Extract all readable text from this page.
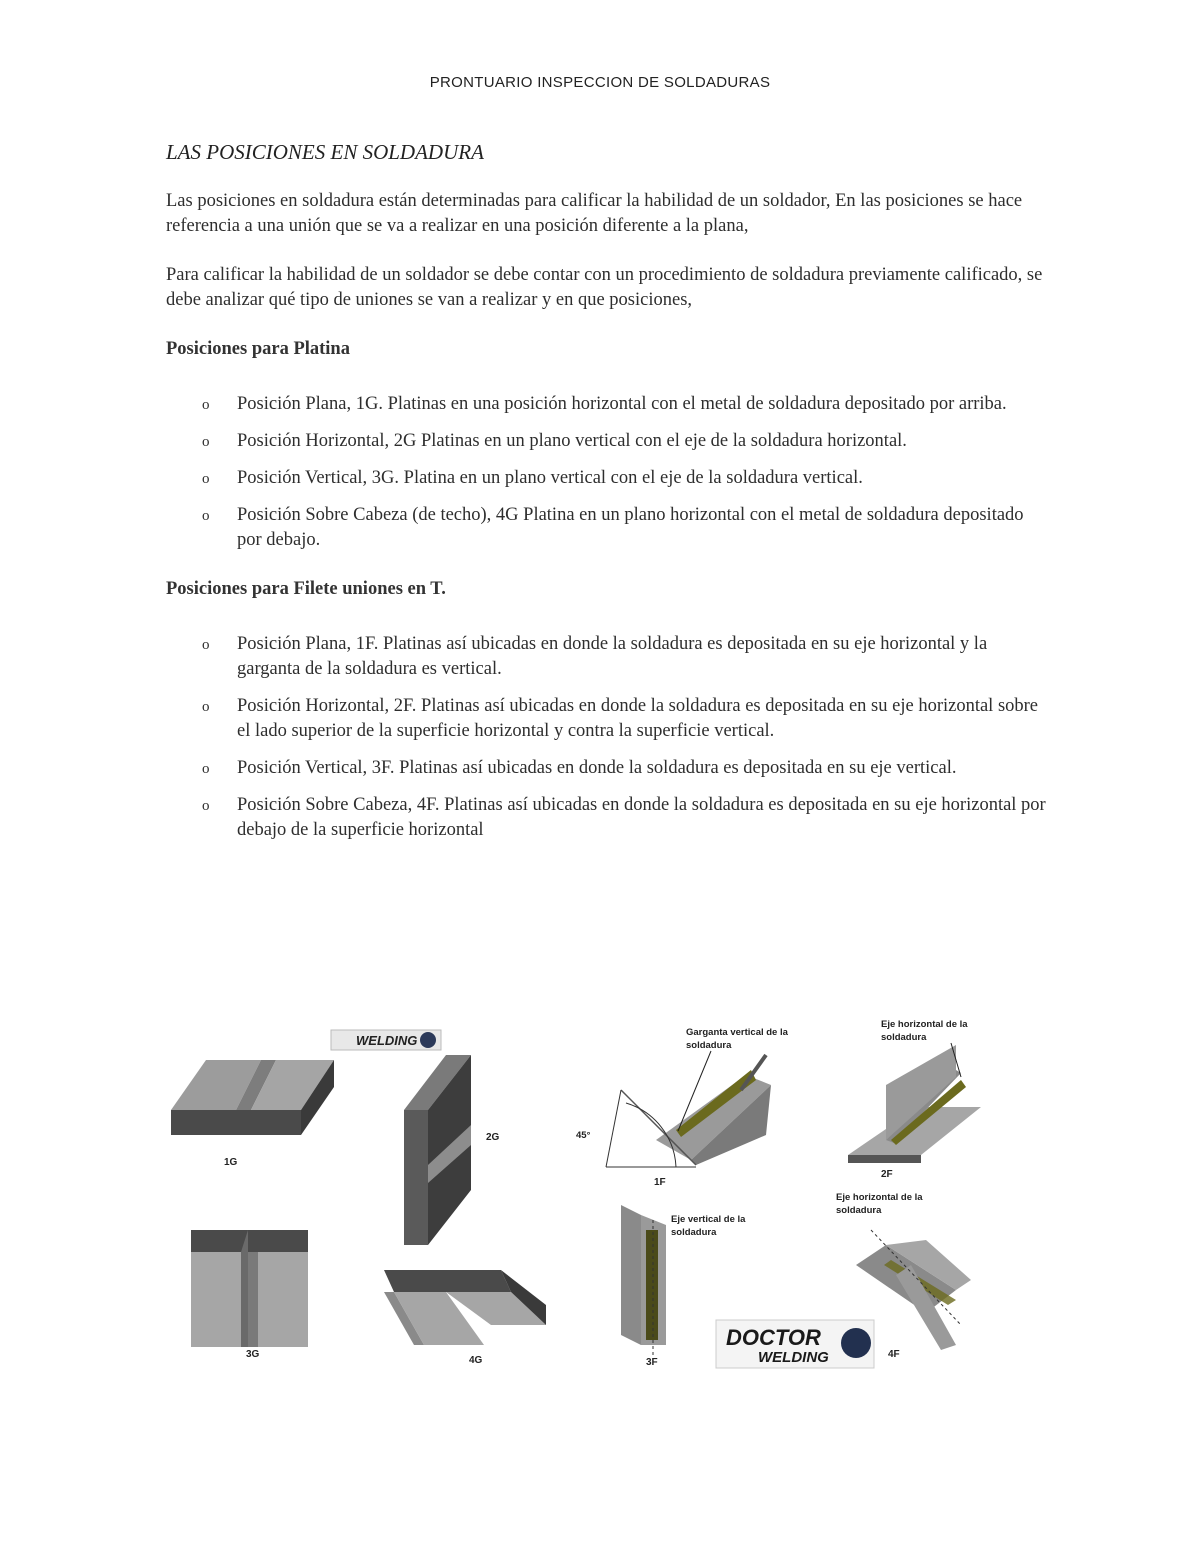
PRONTUARIO INSPECCION DE SOLDADURAS
LAS POSICIONES EN SOLDADURA

Las posiciones en soldadura están determinadas para calificar la habilidad de un soldador, En las posiciones se hace referencia a una unión que se va a realizar en una posición diferente a la plana,

Para calificar la habilidad de un soldador se debe contar con un procedimiento de soldadura previamente calificado, se debe analizar qué tipo de uniones se van a realizar y en que posiciones,

Posiciones para Platina
o Posición Plana, 1G. Platinas en una posición horizontal con el metal de soldadura depositado por arriba.
o Posición Horizontal, 2G Platinas en un plano vertical con el eje de la soldadura horizontal.
o Posición Vertical, 3G. Platina en un plano vertical con el eje de la soldadura vertical.
o Posición Sobre Cabeza (de techo), 4G Platina en un plano horizontal con el metal de soldadura depositado por debajo.
Posiciones para Filete uniones en T.
o Posición Plana, 1F. Platinas así ubicadas en donde la soldadura es depositada en su eje horizontal y la garganta de la soldadura es vertical.
o Posición Horizontal, 2F. Platinas así ubicadas en donde la soldadura es depositada en su eje horizontal sobre el lado superior de la superficie horizontal y contra la superficie vertical.
o Posición Vertical, 3F. Platinas así ubicadas en donde la soldadura es depositada en su eje vertical.
o Posición Sobre Cabeza, 4F. Platinas así ubicadas en donde la soldadura es depositada en su eje horizontal por debajo de la superficie horizontal
WELDING
1G
2G
3G
4G
45°
Garganta vertical de la
soldadura
1F
Eje horizontal de la
soldadura
2F
Eje vertical de la
soldadura
3F
DOCTOR
WELDING
Eje horizontal de la
soldadura
4F
